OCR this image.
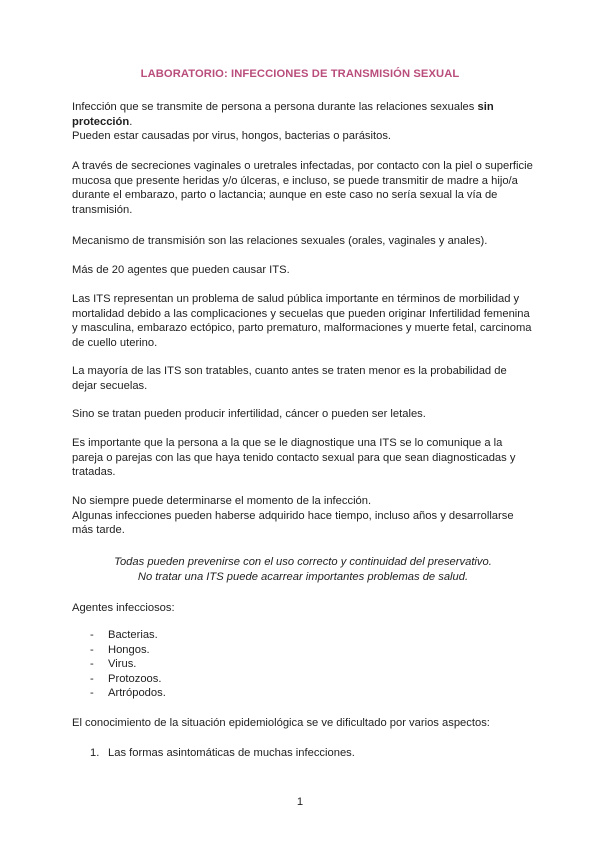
LABORATORIO: INFECCIONES DE TRANSMISIÓN SEXUAL

Infección que se transmite de persona a persona durante las relaciones sexuales sin protección.
Pueden estar causadas por virus, hongos, bacterias o parásitos.

A través de secreciones vaginales o uretrales infectadas, por contacto con la piel o superficie mucosa que presente heridas y/o úlceras, e incluso, se puede transmitir de madre a hijo/a durante el embarazo, parto o lactancia; aunque en este caso no sería sexual la vía de transmisión.

Mecanismo de transmisión son las relaciones sexuales (orales, vaginales y anales).

Más de 20 agentes que pueden causar ITS.

Las ITS representan un problema de salud pública importante en términos de morbilidad y mortalidad debido a las complicaciones y secuelas que pueden originar Infertilidad femenina y masculina, embarazo ectópico, parto prematuro, malformaciones y muerte fetal, carcinoma de cuello uterino.

La mayoría de las ITS son tratables, cuanto antes se traten menor es la probabilidad de dejar secuelas.

Sino se tratan pueden producir infertilidad, cáncer o pueden ser letales.

Es importante que la persona a la que se le diagnostique una ITS se lo comunique a la pareja o parejas con las que haya tenido contacto sexual para que sean diagnosticadas y tratadas.

No siempre puede determinarse el momento de la infección.
Algunas infecciones pueden haberse adquirido hace tiempo, incluso años y desarrollarse más tarde.

Todas pueden prevenirse con el uso correcto y continuidad del preservativo.
No tratar una ITS puede acarrear importantes problemas de salud.

Agentes infecciosos:

- Bacterias.
- Hongos.
- Virus.
- Protozoos.
- Artrópodos.

El conocimiento de la situación epidemiológica se ve dificultado por varios aspectos:

1. Las formas asintomáticas de muchas infecciones.
1
